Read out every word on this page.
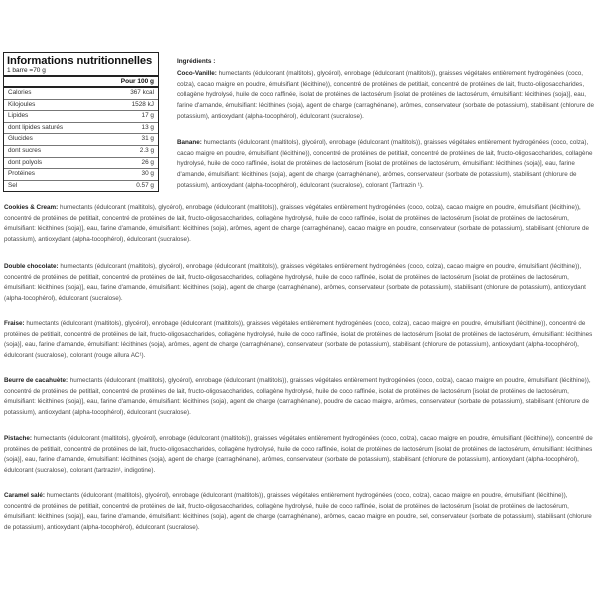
Informations nutritionnelles
1 barre =70 g
Pour 100 g
Calories	367 kcal
Kilojoules	1528 kJ
Lipides	17 g
dont lipides saturés	13 g
Glucides	31 g
dont sucres	2.3 g
dont polyols	26 g
Protéines	30 g
Sel	0.57 g
Ingrédients :

Coco-Vanille: humectants (édulcorant (maltitols), glycérol), enrobage (édulcorant (maltitols)), graisses végétales entièrement hydrogénées (coco, colza), cacao maigre en poudre, émulsifiant (lécithine)), concentré de protéines de petitlait, concentré de protéines de lait, fructo-oligosaccharides, collagène hydrolysé, huile de coco raffinée, isolat de protéines de lactosérum [isolat de protéines de lactosérum, émulsifiant: lécithines (soja)], eau, farine d'amande, émulsifiant: lécithines (soja), agent de charge (carraghénane), arômes, conservateur (sorbate de potassium), stabilisant (chlorure de potassium), antioxydant (alpha-tocophérol), édulcorant (sucralose).

Banane: humectants (édulcorant (maltitols), glycérol), enrobage (édulcorant (maltitols)), graisses végétales entièrement hydrogénées (coco, colza), cacao maigre en poudre, émulsifiant (lécithine)), concentré de protéines de petitlait, concentré de protéines de lait, fructo-oligosaccharides, collagène hydrolysé, huile de coco raffinée, isolat de protéines de lactosérum [isolat de protéines de lactosérum, émulsifiant: lécithines (soja)], eau, farine d'amande, émulsifiant: lécithines (soja), agent de charge (carraghénane), arômes, conservateur (sorbate de potassium), stabilisant (chlorure de potassium), antioxydant (alpha-tocophérol), édulcorant (sucralose), colorant (Tartrazin ¹).

Cookies & Cream: humectants (édulcorant (maltitols), glycérol), enrobage (édulcorant (maltitols)), graisses végétales entièrement hydrogénées (coco, colza), cacao maigre en poudre, émulsifiant (lécithine)), concentré de protéines de petitlait, concentré de protéines de lait, fructo-oligosaccharides, collagène hydrolysé, huile de coco raffinée, isolat de protéines de lactosérum [isolat de protéines de lactosérum, émulsifiant: lécithines (soja)], eau, farine d'amande, émulsifiant: lécithines (soja), arômes, agent de charge (carraghénane), cacao maigre en poudre, conservateur (sorbate de potassium), stabilisant (chlorure de potassium), antioxydant (alpha-tocophérol), édulcorant (sucralose).

Double chocolate: humectants (édulcorant (maltitols), glycérol), enrobage (édulcorant (maltitols)), graisses végétales entièrement hydrogénées (coco, colza), cacao maigre en poudre, émulsifiant (lécithine)), concentré de protéines de petitlait, concentré de protéines de lait, fructo-oligosaccharides, collagène hydrolysé, huile de coco raffinée, isolat de protéines de lactosérum [isolat de protéines de lactosérum, émulsifiant: lécithines (soja)], eau, farine d'amande, émulsifiant: lécithines (soja), agent de charge (carraghénane), arômes, conservateur (sorbate de potassium), stabilisant (chlorure de potassium), antioxydant (alpha-tocophérol), édulcorant (sucralose).

Fraise: humectants (édulcorant (maltitols), glycérol), enrobage (édulcorant (maltitols)), graisses végétales entièrement hydrogénées (coco, colza), cacao maigre en poudre, émulsifiant (lécithine)), concentré de protéines de petitlait, concentré de protéines de lait, fructo-oligosaccharides, collagène hydrolysé, huile de coco raffinée, isolat de protéines de lactosérum [isolat de protéines de lactosérum, émulsifiant: lécithines (soja)], eau, farine d'amande, émulsifiant: lécithines (soja), arômes, agent de charge (carraghénane), conservateur (sorbate de potassium), stabilisant (chlorure de potassium), antioxydant (alpha-tocophérol), édulcorant (sucralose), colorant (rouge allura AC¹).

Beurre de cacahuète: humectants (édulcorant (maltitols), glycérol), enrobage (édulcorant (maltitols)), graisses végétales entièrement hydrogénées (coco, colza), cacao maigre en poudre, émulsifiant (lécithine)), concentré de protéines de petitlait, concentré de protéines de lait, fructo-oligosaccharides, collagène hydrolysé, huile de coco raffinée, isolat de protéines de lactosérum [isolat de protéines de lactosérum, émulsifiant: lécithines (soja)], eau, farine d'amande, émulsifiant: lécithines (soja), agent de charge (carraghénane), poudre de cacao maigre, arômes, conservateur (sorbate de potassium), stabilisant (chlorure de potassium), antioxydant (alpha-tocophérol), édulcorant (sucralose).

Pistache: humectants (édulcorant (maltitols), glycérol), enrobage (édulcorant (maltitols)), graisses végétales entièrement hydrogénées (coco, colza), cacao maigre en poudre, émulsifiant (lécithine)), concentré de protéines de petitlait, concentré de protéines de lait, fructo-oligosaccharides, collagène hydrolysé, huile de coco raffinée, isolat de protéines de lactosérum [isolat de protéines de lactosérum, émulsifiant: lécithines (soja)], eau, farine d'amande, émulsifiant: lécithines (soja), agent de charge (carraghénane), arômes, conservateur (sorbate de potassium), stabilisant (chlorure de potassium), antioxydant (alpha-tocophérol), édulcorant (sucralose), colorant (tartrazin¹, indigotine).

Caramel salé: humectants (édulcorant (maltitols), glycérol), enrobage (édulcorant (maltitols)), graisses végétales entièrement hydrogénées (coco, colza), cacao maigre en poudre, émulsifiant (lécithine)), concentré de protéines de petitlait, concentré de protéines de lait, fructo-oligosaccharides, collagène hydrolysé, huile de coco raffinée, isolat de protéines de lactosérum [isolat de protéines de lactosérum, émulsifiant: lécithines (soja)], eau, farine d'amande, émulsifiant: lécithines (soja), agent de charge (carraghénane), arômes, cacao maigre en poudre, sel, conservateur (sorbate de potassium), stabilisant (chlorure de potassium), antioxydant (alpha-tocophérol), édulcorant (sucralose).
